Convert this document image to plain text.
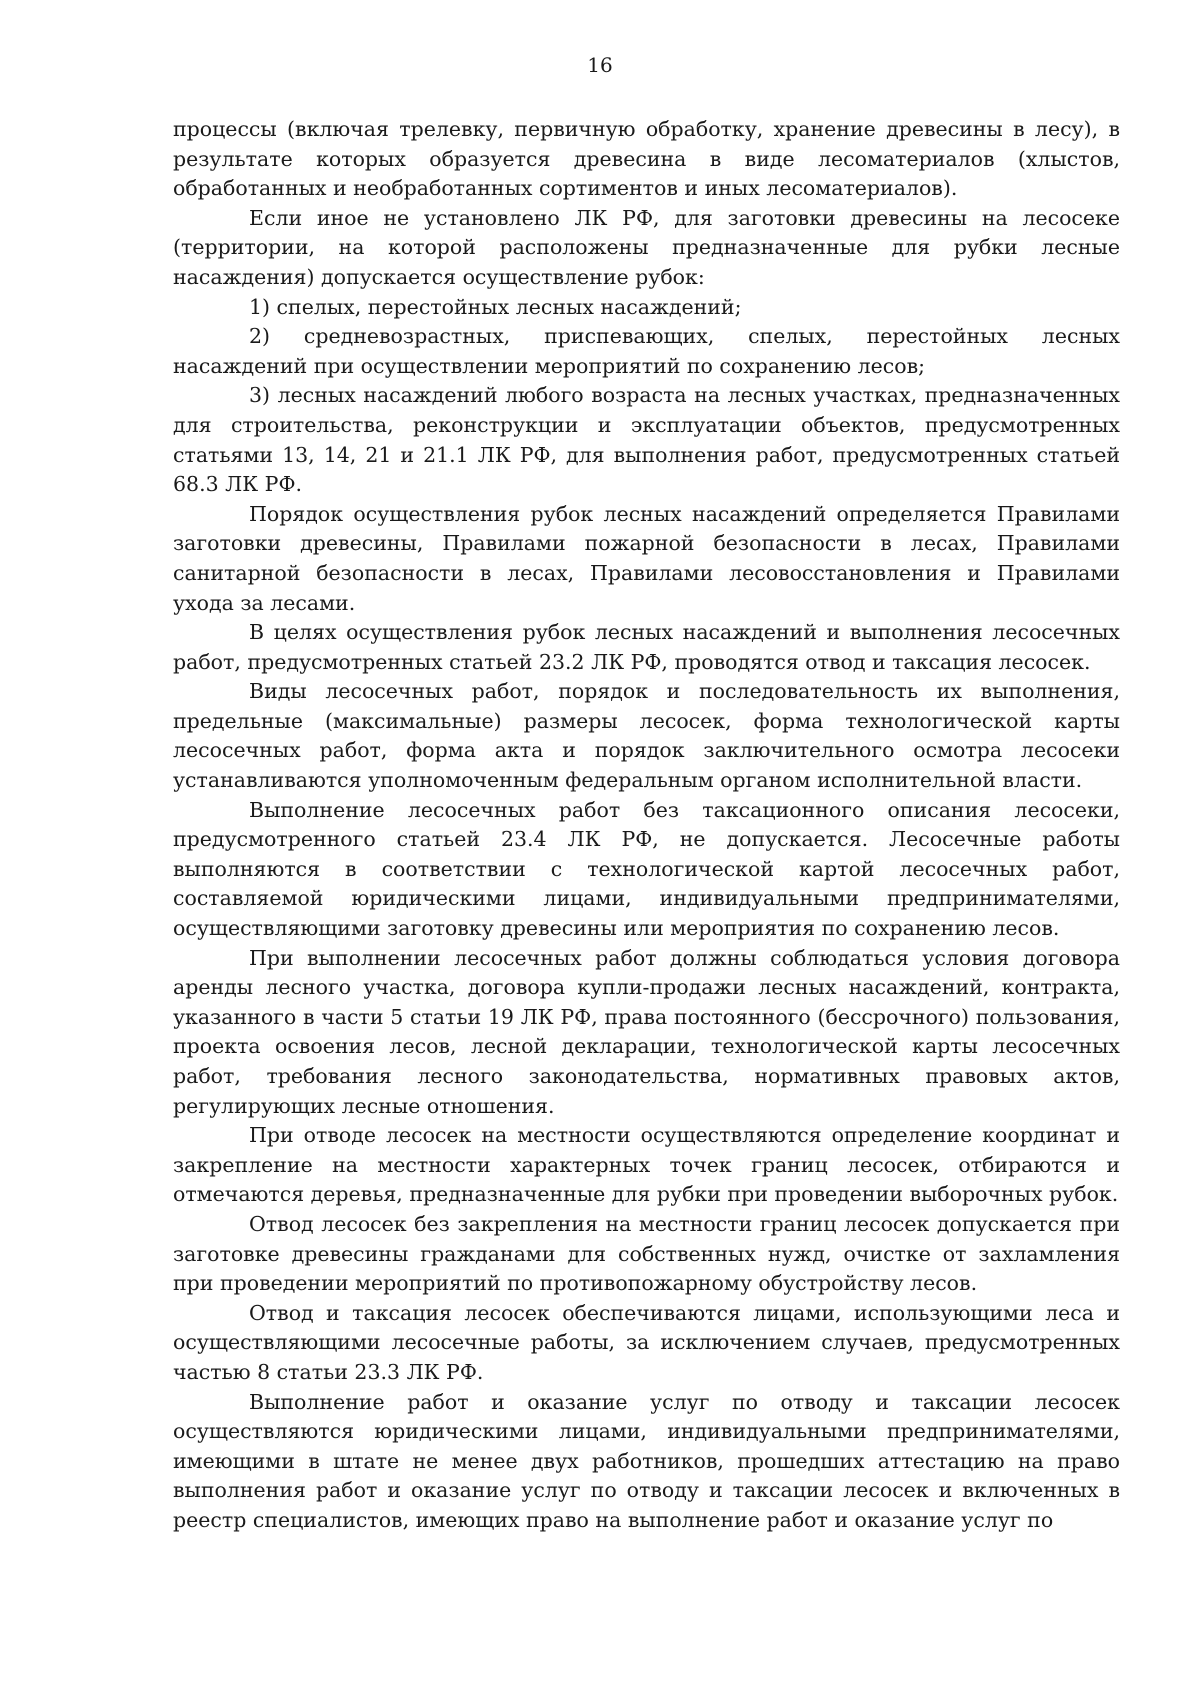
16

процессы (включая трелевку, первичную обработку, хранение древесины в лесу), в результате которых образуется древесина в виде лесоматериалов (хлыстов, обработанных и необработанных сортиментов и иных лесоматериалов).

Если иное не установлено ЛК РФ, для заготовки древесины на лесосеке (территории, на которой расположены предназначенные для рубки лесные насаждения) допускается осуществление рубок:

1) спелых, перестойных лесных насаждений;

2) средневозрастных, приспевающих, спелых, перестойных лесных насаждений при осуществлении мероприятий по сохранению лесов;

3) лесных насаждений любого возраста на лесных участках, предназначенных для строительства, реконструкции и эксплуатации объектов, предусмотренных статьями 13, 14, 21 и 21.1 ЛК РФ, для выполнения работ, предусмотренных статьей 68.3 ЛК РФ.

Порядок осуществления рубок лесных насаждений определяется Правилами заготовки древесины, Правилами пожарной безопасности в лесах, Правилами санитарной безопасности в лесах, Правилами лесовосстановления и Правилами ухода за лесами.

В целях осуществления рубок лесных насаждений и выполнения лесосечных работ, предусмотренных статьей 23.2 ЛК РФ, проводятся отвод и таксация лесосек.

Виды лесосечных работ, порядок и последовательность их выполнения, предельные (максимальные) размеры лесосек, форма технологической карты лесосечных работ, форма акта и порядок заключительного осмотра лесосеки устанавливаются уполномоченным федеральным органом исполнительной власти.

Выполнение лесосечных работ без таксационного описания лесосеки, предусмотренного статьей 23.4 ЛК РФ, не допускается. Лесосечные работы выполняются в соответствии с технологической картой лесосечных работ, составляемой юридическими лицами, индивидуальными предпринимателями, осуществляющими заготовку древесины или мероприятия по сохранению лесов.

При выполнении лесосечных работ должны соблюдаться условия договора аренды лесного участка, договора купли-продажи лесных насаждений, контракта, указанного в части 5 статьи 19 ЛК РФ, права постоянного (бессрочного) пользования, проекта освоения лесов, лесной декларации, технологической карты лесосечных работ, требования лесного законодательства, нормативных правовых актов, регулирующих лесные отношения.

При отводе лесосек на местности осуществляются определение координат и закрепление на местности характерных точек границ лесосек, отбираются и отмечаются деревья, предназначенные для рубки при проведении выборочных рубок.

Отвод лесосек без закрепления на местности границ лесосек допускается при заготовке древесины гражданами для собственных нужд, очистке от захламления при проведении мероприятий по противопожарному обустройству лесов.

Отвод и таксация лесосек обеспечиваются лицами, использующими леса и осуществляющими лесосечные работы, за исключением случаев, предусмотренных частью 8 статьи 23.3 ЛК РФ.

Выполнение работ и оказание услуг по отводу и таксации лесосек осуществляются юридическими лицами, индивидуальными предпринимателями, имеющими в штате не менее двух работников, прошедших аттестацию на право выполнения работ и оказание услуг по отводу и таксации лесосек и включенных в реестр специалистов, имеющих право на выполнение работ и оказание услуг по
